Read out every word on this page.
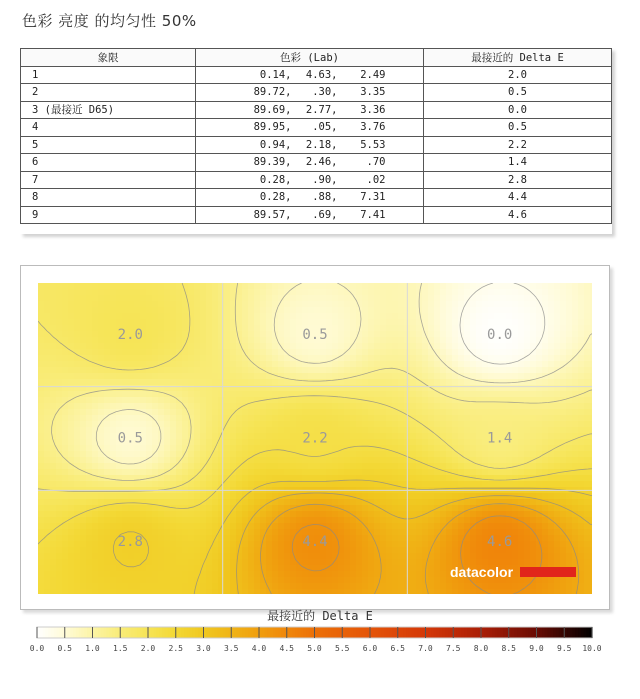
色彩 亮度 的均匀性 50%
象限	色彩 (Lab)	最接近的 Delta E
1	0.14, 4.63, 2.49	2.0
2	89.72, .30, 3.35	0.5
3 (最接近 D65)	89.69, 2.77, 3.36	0.0
4	89.95, .05, 3.76	0.5
5	0.94, 2.18, 5.53	2.2
6	89.39, 2.46, .70	1.4
7	0.28, .90, .02	2.8
8	0.28, .88, 7.31	4.4
9	89.57, .69, 7.41	4.6
2.0	0.5	0.0
0.5	2.2	1.4
2.8	4.4	4.6
datacolor
最接近的 Delta E
0.0 0.5 1.0 1.5 2.0 2.5 3.0 3.5 4.0 4.5 5.0 5.5 6.0 6.5 7.0 7.5 8.0 8.5 9.0 9.5 10.0
